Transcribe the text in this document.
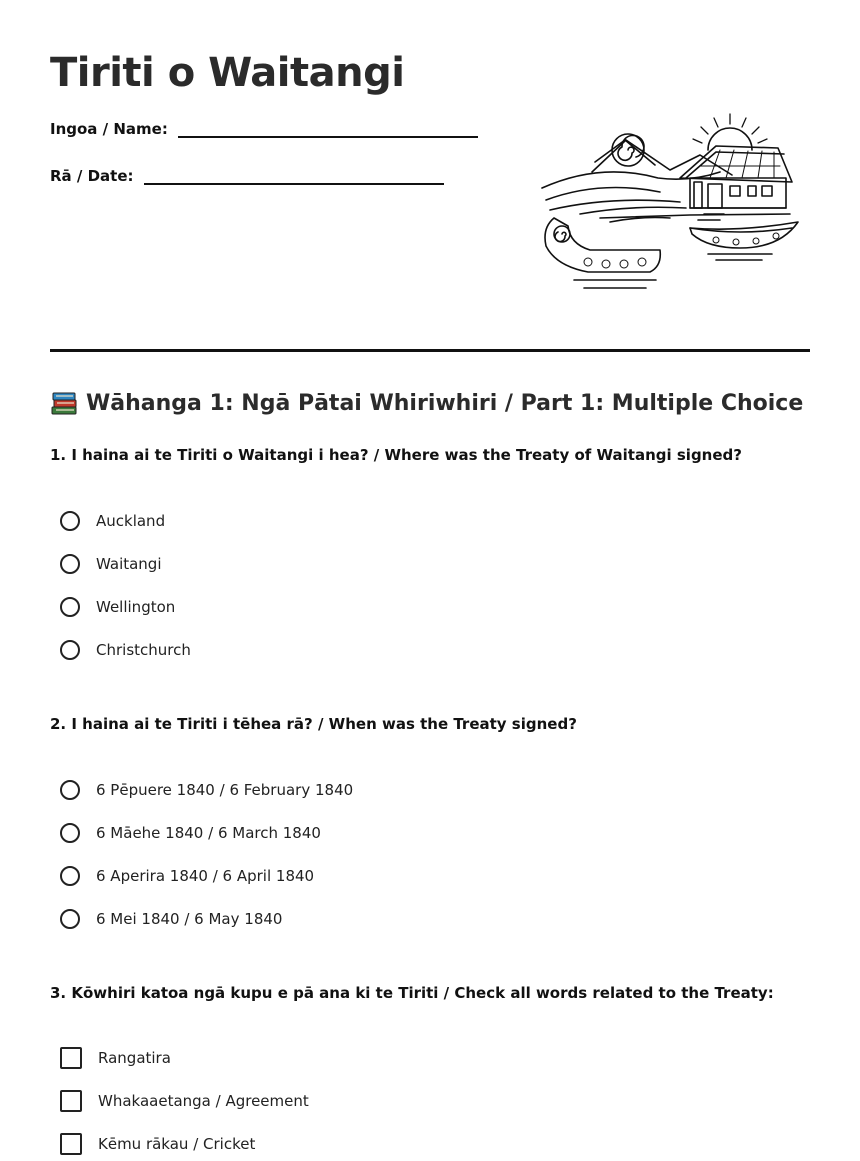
Tiriti o Waitangi
Ingoa / Name:
Rā / Date:
Wāhanga 1: Ngā Pātai Whiriwhiri / Part 1: Multiple Choice

1. I haina ai te Tiriti o Waitangi i hea? / Where was the Treaty of Waitangi signed?

Auckland
Waitangi
Wellington
Christchurch

2. I haina ai te Tiriti i tēhea rā? / When was the Treaty signed?

6 Pēpuere 1840 / 6 February 1840
6 Māehe 1840 / 6 March 1840
6 Aperira 1840 / 6 April 1840
6 Mei 1840 / 6 May 1840

3. Kōwhiri katoa ngā kupu e pā ana ki te Tiriti / Check all words related to the Treaty:

Rangatira
Whakaaetanga / Agreement
Kēmu rākau / Cricket
